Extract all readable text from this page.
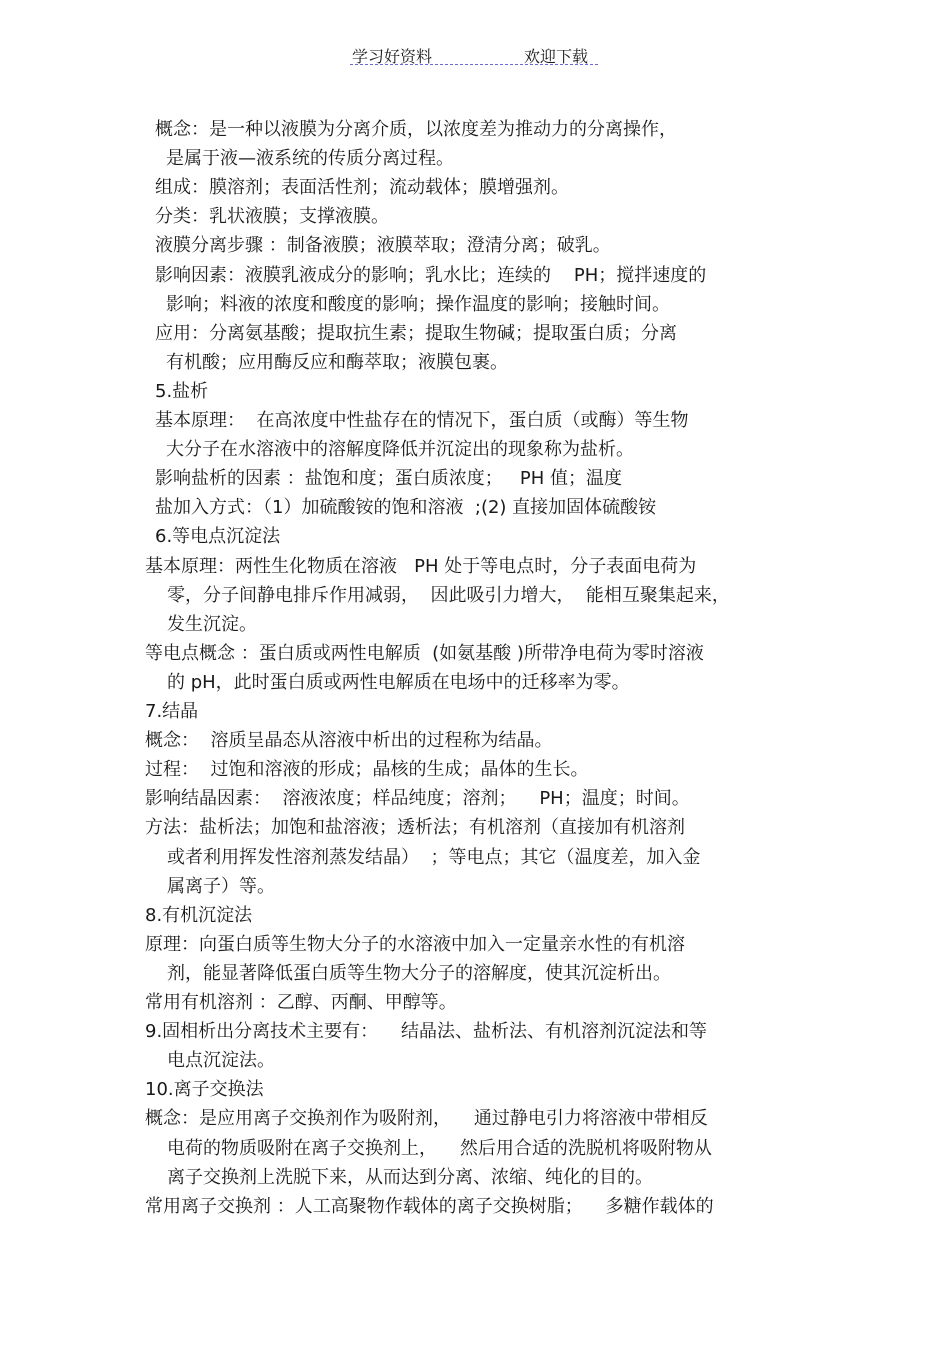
学习好资料	欢迎下载
概念：是一种以液膜为分离介质，以浓度差为推动力的分离操作，
是属于液—液系统的传质分离过程。
组成：膜溶剂；表面活性剂；流动载体；膜增强剂。
分类：乳状液膜；支撑液膜。
液膜分离步骤 ：制备液膜；液膜萃取；澄清分离；破乳。
影响因素：液膜乳液成分的影响；乳水比；连续的    PH；搅拌速度的
影响；料液的浓度和酸度的影响；操作温度的影响；接触时间。
应用：分离氨基酸；提取抗生素；提取生物碱；提取蛋白质；分离
有机酸；应用酶反应和酶萃取；液膜包裹。
5.盐析
基本原理：  在高浓度中性盐存在的情况下，蛋白质（或酶）等生物
大分子在水溶液中的溶解度降低并沉淀出的现象称为盐析。
影响盐析的因素 ：盐饱和度；蛋白质浓度；   PH 值；温度
盐加入方式：（1）加硫酸铵的饱和溶液  ;(2) 直接加固体硫酸铵
6.等电点沉淀法
基本原理：两性生化物质在溶液   PH 处于等电点时，分子表面电荷为
零，分子间静电排斥作用减弱，  因此吸引力增大，  能相互聚集起来，
发生沉淀。
等电点概念 ：蛋白质或两性电解质  (如氨基酸 )所带净电荷为零时溶液
的 pH，此时蛋白质或两性电解质在电场中的迁移率为零。
7.结晶
概念：  溶质呈晶态从溶液中析出的过程称为结晶。
过程：  过饱和溶液的形成；晶核的生成；晶体的生长。
影响结晶因素：  溶液浓度；样品纯度；溶剂；    PH；温度；时间。
方法：盐析法；加饱和盐溶液；透析法；有机溶剂（直接加有机溶剂
或者利用挥发性溶剂蒸发结晶）  ；等电点；其它（温度差，加入金
属离子）等。
8.有机沉淀法
原理：向蛋白质等生物大分子的水溶液中加入一定量亲水性的有机溶
剂，能显著降低蛋白质等生物大分子的溶解度，使其沉淀析出。
常用有机溶剂 ：乙醇、丙酮、甲醇等。
9.固相析出分离技术主要有：    结晶法、盐析法、有机溶剂沉淀法和等
电点沉淀法。
10.离子交换法
概念：是应用离子交换剂作为吸附剂，    通过静电引力将溶液中带相反
电荷的物质吸附在离子交换剂上，    然后用合适的洗脱机将吸附物从
离子交换剂上洗脱下来，从而达到分离、浓缩、纯化的目的。
常用离子交换剂 ：人工高聚物作载体的离子交换树脂；    多糖作载体的
